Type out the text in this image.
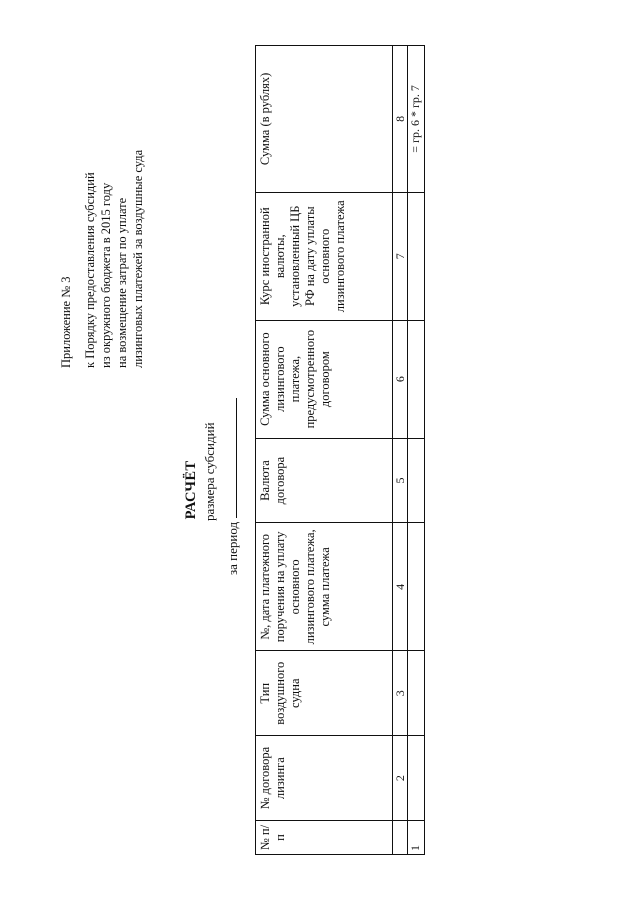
Приложение № 3 к Порядку предоставления субсидий из окружного бюджета в 2015 году на возмещение затрат по уплате лизинговых платежей за воздушные суда
РАСЧЁТ размера субсидий
за период
№ п/п	№ договора лизинга	Тип воздушного судна	№, дата платежного поручения на уплату основного лизингового платежа, сумма платежа	Валюта договора	Сумма основного лизингового платежа, предусмотренного договором	Курс иностранной валюты, установленный ЦБ РФ на дату уплаты основного лизингового платежа	Сумма (в рублях)
	2	3	4	5	6	7	8
1							= гр. 6 * гр. 7
